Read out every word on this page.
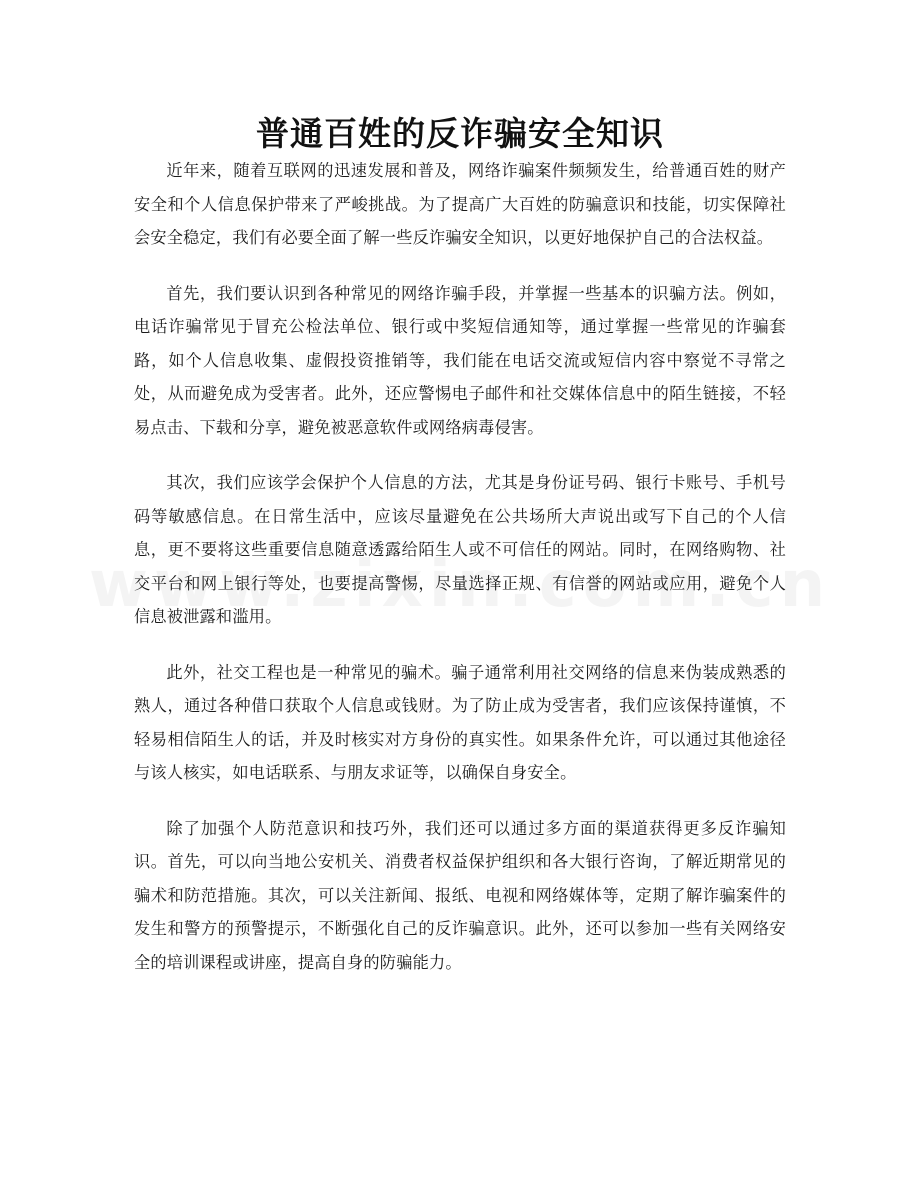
普通百姓的反诈骗安全知识

近年来，随着互联网的迅速发展和普及，网络诈骗案件频频发生，给普通百姓的财产安全和个人信息保护带来了严峻挑战。为了提高广大百姓的防骗意识和技能，切实保障社会安全稳定，我们有必要全面了解一些反诈骗安全知识，以更好地保护自己的合法权益。

首先，我们要认识到各种常见的网络诈骗手段，并掌握一些基本的识骗方法。例如，电话诈骗常见于冒充公检法单位、银行或中奖短信通知等，通过掌握一些常见的诈骗套路，如个人信息收集、虚假投资推销等，我们能在电话交流或短信内容中察觉不寻常之处，从而避免成为受害者。此外，还应警惕电子邮件和社交媒体信息中的陌生链接，不轻易点击、下载和分享，避免被恶意软件或网络病毒侵害。

其次，我们应该学会保护个人信息的方法，尤其是身份证号码、银行卡账号、手机号码等敏感信息。在日常生活中，应该尽量避免在公共场所大声说出或写下自己的个人信息，更不要将这些重要信息随意透露给陌生人或不可信任的网站。同时，在网络购物、社交平台和网上银行等处，也要提高警惕，尽量选择正规、有信誉的网站或应用，避免个人信息被泄露和滥用。

此外，社交工程也是一种常见的骗术。骗子通常利用社交网络的信息来伪装成熟悉的熟人，通过各种借口获取个人信息或钱财。为了防止成为受害者，我们应该保持谨慎，不轻易相信陌生人的话，并及时核实对方身份的真实性。如果条件允许，可以通过其他途径与该人核实，如电话联系、与朋友求证等，以确保自身安全。

除了加强个人防范意识和技巧外，我们还可以通过多方面的渠道获得更多反诈骗知识。首先，可以向当地公安机关、消费者权益保护组织和各大银行咨询，了解近期常见的骗术和防范措施。其次，可以关注新闻、报纸、电视和网络媒体等，定期了解诈骗案件的发生和警方的预警提示，不断强化自己的反诈骗意识。此外，还可以参加一些有关网络安全的培训课程或讲座，提高自身的防骗能力。
